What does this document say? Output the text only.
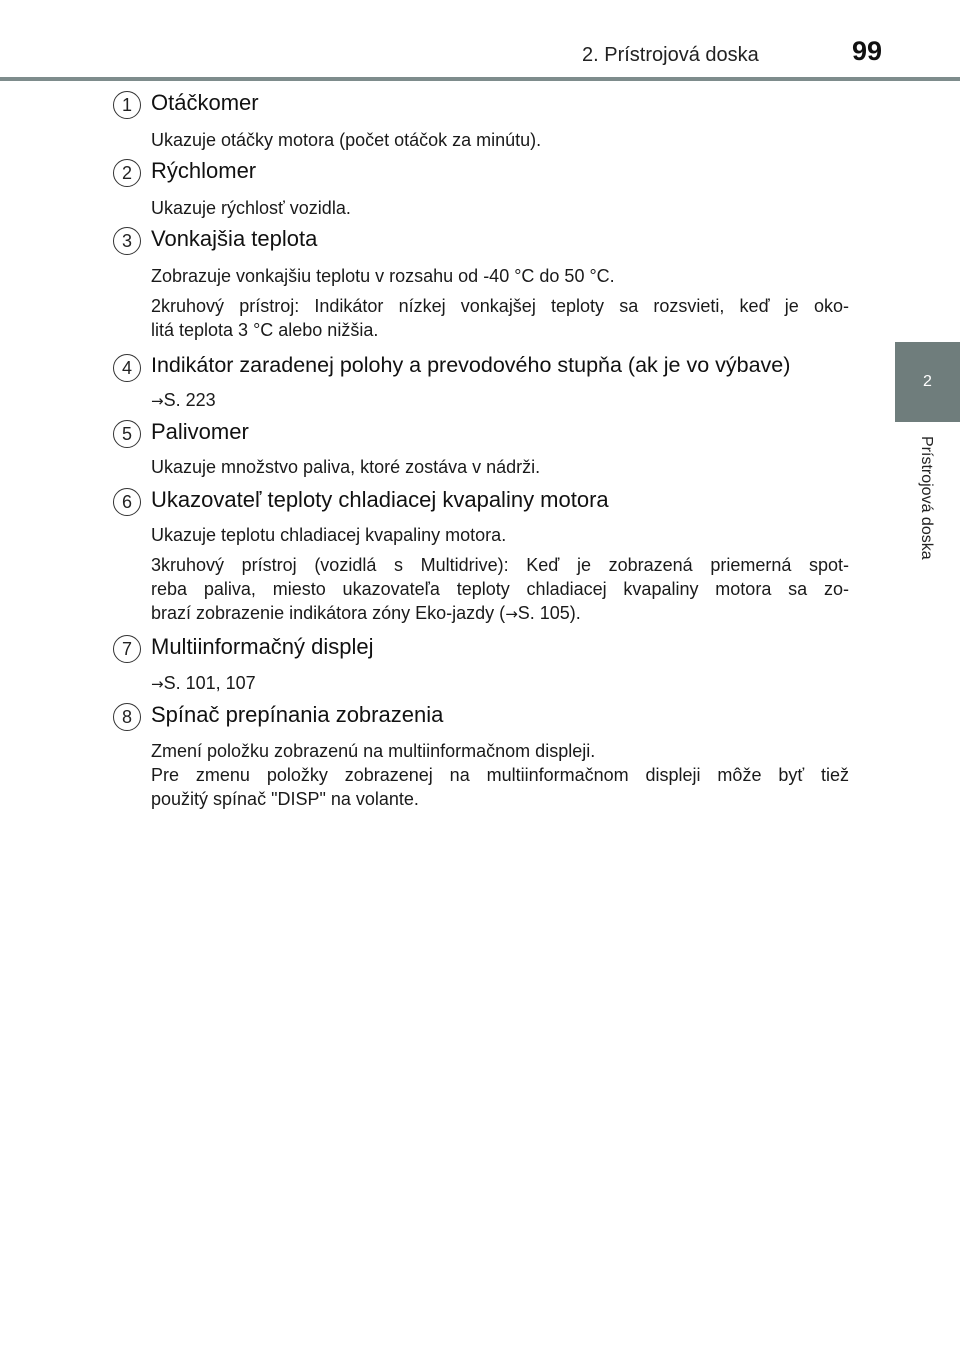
2. Prístrojová doska	99
2
Prístrojová doska
1 Otáčkomer
Ukazuje otáčky motora (počet otáčok za minútu).
2 Rýchlomer
Ukazuje rýchlosť vozidla.
3 Vonkajšia teplota
Zobrazuje vonkajšiu teplotu v rozsahu od -40 °C do 50 °C.
2kruhový prístroj: Indikátor nízkej vonkajšej teploty sa rozsvieti, keď je oko-
litá teplota 3 °C alebo nižšia.
4 Indikátor zaradenej polohy a prevodového stupňa (ak je vo výbave)
→S. 223
5 Palivomer
Ukazuje množstvo paliva, ktoré zostáva v nádrži.
6 Ukazovateľ teploty chladiacej kvapaliny motora
Ukazuje teplotu chladiacej kvapaliny motora.
3kruhový prístroj (vozidlá s Multidrive): Keď je zobrazená priemerná spot-
reba paliva, miesto ukazovateľa teploty chladiacej kvapaliny motora sa zo-
brazí zobrazenie indikátora zóny Eko-jazdy (→S. 105).
7 Multiinformačný displej
→S. 101, 107
8 Spínač prepínania zobrazenia
Zmení položku zobrazenú na multiinformačnom displeji.
Pre zmenu položky zobrazenej na multiinformačnom displeji môže byť tiež
použitý spínač "DISP" na volante.
